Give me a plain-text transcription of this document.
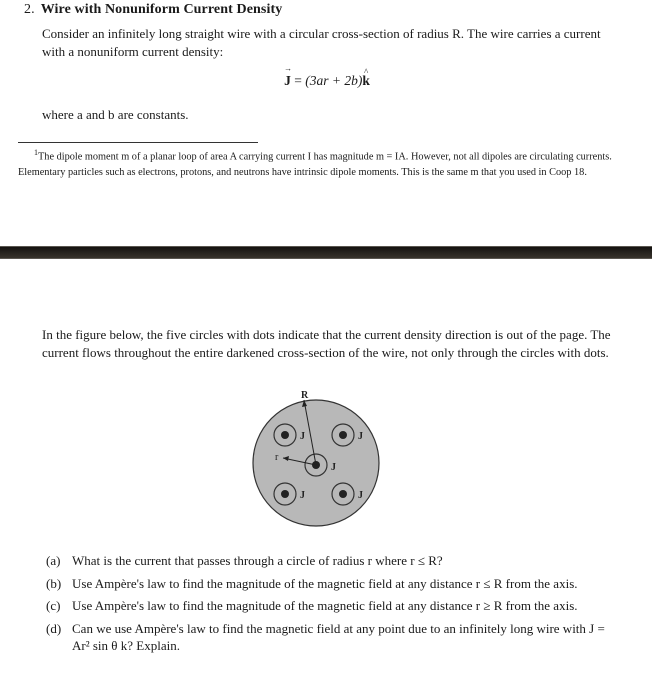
2. Wire with Nonuniform Current Density
Consider an infinitely long straight wire with a circular cross-section of radius R. The wire carries a current with a nonuniform current density:
→ J = (3ar + 2b)^ k
where a and b are constants.
$^1$The dipole moment m of a planar loop of area A carrying current I has magnitude m = IA. However, not all dipoles are circulating currents. Elementary particles such as electrons, protons, and neutrons have intrinsic dipole moments. This is the same m that you used in Coop 18.
In the figure below, the five circles with dots indicate that the current density direction is out of the page. The current flows throughout the entire darkened cross-section of the wire, not only through the circles with dots.
R
r
J	J
J
J	J
(a) What is the current that passes through a circle of radius r where r ≤ R?
(b) Use Ampère's law to find the magnitude of the magnetic field at any distance r ≤ R from the axis.
(c) Use Ampère's law to find the magnitude of the magnetic field at any distance r ≥ R from the axis.
(d) Can we use Ampère's law to find the magnetic field at any point due to an infinitely long wire with J = Ar² sin θ k? Explain.
